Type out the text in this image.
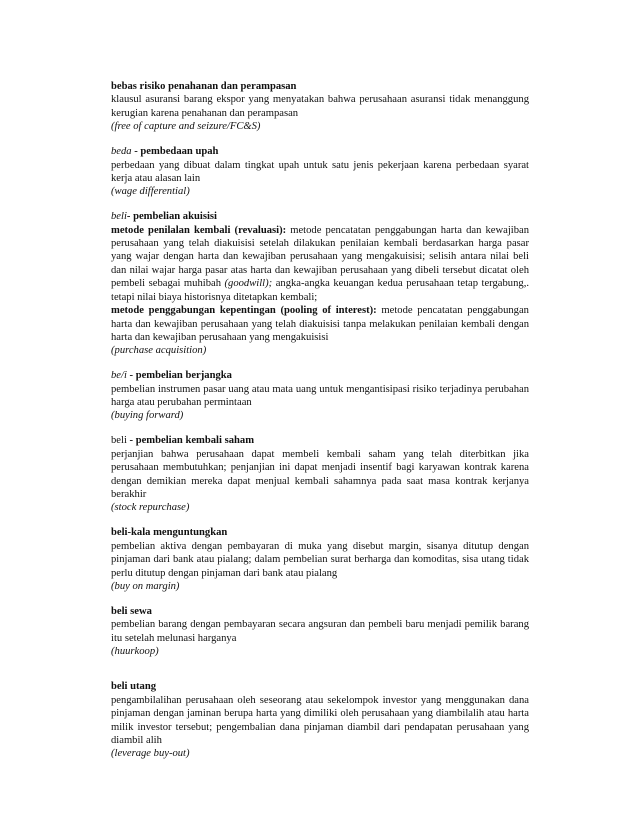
bebas risiko penahanan dan perampasan
klausul asuransi barang ekspor yang menyatakan bahwa perusahaan asuransi tidak menanggung kerugian karena penahanan dan perampasan
(free of capture and seizure/FC&S)
beda - pembedaan upah
perbedaan yang dibuat dalam tingkat upah untuk satu jenis pekerjaan karena perbedaan syarat kerja atau alasan lain
(wage differential)
beli- pembelian akuisisi
metode penilalan kembali (revaluasi): metode pencatatan penggabungan harta dan kewajiban perusahaan yang telah diakuisisi setelah dilakukan penilaian kembali berdasarkan harga pasar yang wajar dengan harta dan kewajiban perusahaan yang mengakuisisi; selisih antara nilai beli dan nilai wajar harga pasar atas harta dan kewajiban perusahaan yang dibeli tersebut dicatat oleh pembeli sebagai muhibah (goodwill); angka-angka keuangan kedua perusahaan tetap tergabung,. tetapi nilai biaya historisnya ditetapkan kembali;
metode penggabungan kepentingan (pooling of interest): metode pencatatan penggabungan harta dan kewajiban perusahaan yang telah diakuisisi tanpa melakukan penilaian kembali dengan harta dan kewajiban perusahaan yang mengakuisisi
(purchase acquisition)
be/i - pembelian berjangka
pembelian instrumen pasar uang atau mata uang untuk mengantisipasi risiko terjadinya perubahan harga atau perubahan permintaan
(buying forward)
beli - pembelian kembali saham
perjanjian bahwa perusahaan dapat membeli kembali saham yang telah diterbitkan jika perusahaan membutuhkan; penjanjian ini dapat menjadi insentif bagi karyawan kontrak karena dengan demikian mereka dapat menjual kembali sahamnya pada saat masa kontrak kerjanya berakhir
(stock repurchase)
beli-kala menguntungkan
pembelian aktiva dengan pembayaran di muka yang disebut margin, sisanya ditutup dengan pinjaman dari bank atau pialang; dalam pembelian surat berharga dan komoditas, sisa utang tidak perlu ditutup dengan pinjaman dari bank atau pialang
(buy on margin)
beli sewa
pembelian barang dengan pembayaran secara angsuran dan pembeli baru menjadi pemilik barang itu setelah melunasi harganya
(huurkoop)
beli utang
pengambilalihan perusahaan oleh seseorang atau sekelompok investor yang menggunakan dana pinjaman dengan jaminan berupa harta yang dimiliki oleh perusahaan yang diambilalih atau harta milik investor tersebut; pengembalian dana pinjaman diambil dari pendapatan perusahaan yang diambil alih
(leverage buy-out)
